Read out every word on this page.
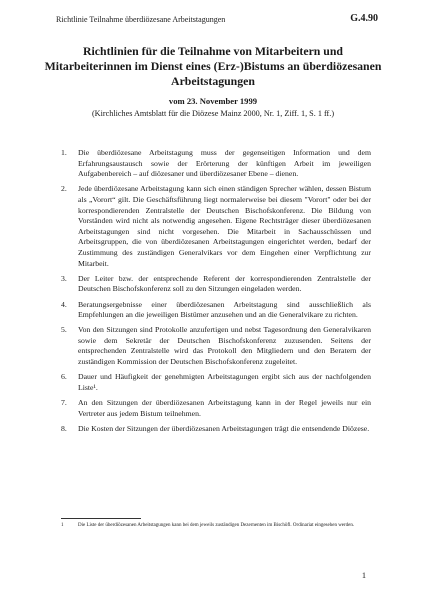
Richtlinie Teilnahme überdiözesane Arbeitstagungen	G.4.90
Richtlinien für die Teilnahme von Mitarbeitern und Mitarbeiterinnen im Dienst eines (Erz-)Bistums an überdiözesanen Arbeitstagungen
vom 23. November 1999
(Kirchliches Amtsblatt für die Diözese Mainz 2000, Nr. 1, Ziff. 1, S. 1 ff.)
1. Die überdiözesane Arbeitstagung muss der gegenseitigen Information und dem Erfahrungsaustausch sowie der Erörterung der künftigen Arbeit im jeweiligen Aufgabenbereich – auf diözesaner und überdiözesaner Ebene – dienen.
2. Jede überdiözesane Arbeitstagung kann sich einen ständigen Sprecher wählen, dessen Bistum als „Vorort“ gilt. Die Geschäftsführung liegt normalerweise bei diesem "Vorort" oder bei der korrespondierenden Zentralstelle der Deutschen Bischofskonferenz. Die Bildung von Vorständen wird nicht als notwendig angesehen. Eigene Rechtsträger dieser überdiözesanen Arbeitstagungen sind nicht vorgesehen. Die Mitarbeit in Sachausschüssen und Arbeitsgruppen, die von überdiözesanen Arbeitstagungen eingerichtet werden, bedarf der Zustimmung des zuständigen Generalvikars vor dem Eingehen einer Verpflichtung zur Mitarbeit.
3. Der Leiter bzw. der entsprechende Referent der korrespondierenden Zentralstelle der Deutschen Bischofskonferenz soll zu den Sitzungen eingeladen werden.
4. Beratungsergebnisse einer überdiözesanen Arbeitstagung sind ausschließlich als Empfehlungen an die jeweiligen Bistümer anzusehen und an die Generalvikare zu richten.
5. Von den Sitzungen sind Protokolle anzufertigen und nebst Tagesordnung den Generalvikaren sowie dem Sekretär der Deutschen Bischofskonferenz zuzusenden. Seitens der entsprechenden Zentralstelle wird das Protokoll den Mitgliedern und den Beratern der zuständigen Kommission der Deutschen Bischofskonferenz zugeleitet.
6. Dauer und Häufigkeit der genehmigten Arbeitstagungen ergibt sich aus der nachfolgenden Liste¹.
7. An den Sitzungen der überdiözesanen Arbeitstagung kann in der Regel jeweils nur ein Vertreter aus jedem Bistum teilnehmen.
8. Die Kosten der Sitzungen der überdiözesanen Arbeitstagungen trägt die entsendende Diözese.
1	Die Liste der überdiözesanen Arbeitstagungen kann bei dem jeweils zuständigen Dezernenten im Bischöfl. Ordinariat eingesehen werden.
1
